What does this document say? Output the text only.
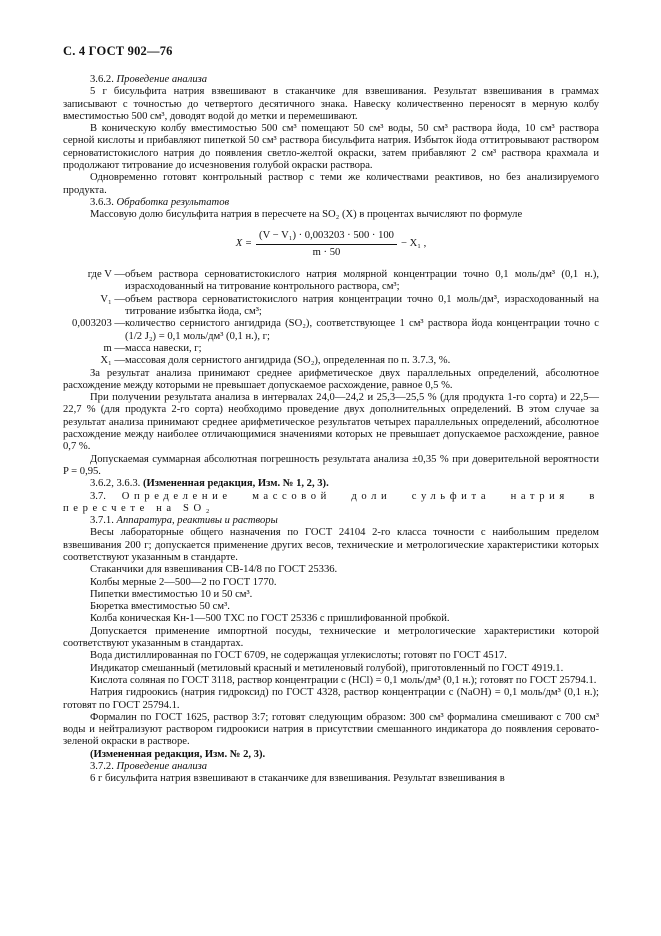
С. 4 ГОСТ 902—76

3.6.2. Проведение анализа

5 г бисульфита натрия взвешивают в стаканчике для взвешивания. Результат взвешивания в граммах записывают с точностью до четвертого десятичного знака. Навеску количественно переносят в мерную колбу вместимостью 500 см³, доводят водой до метки и перемешивают.

В коническую колбу вместимостью 500 см³ помещают 50 см³ воды, 50 см³ раствора йода, 10 см³ раствора серной кислоты и прибавляют пипеткой 50 см³ раствора бисульфита натрия. Избыток йода оттитровывают раствором серноватистокислого натрия до появления светло-желтой окраски, затем прибавляют 2 см³ раствора крахмала и продолжают титрование до исчезновения голубой окраски раствора.

Одновременно готовят контрольный раствор с теми же количествами реактивов, но без анализируемого продукта.

3.6.3. Обработка результатов

Массовую долю бисульфита натрия в пересчете на SO₂ (X) в процентах вычисляют по формуле

$X = \frac{\text{(V − V₁) · 0,003203 · 500 · 100}}{m \cdot 50} - X_1$ ,
где V — объем раствора серноватистокислого натрия молярной концентрации точно 0,1 моль/дм³ (0,1 н.), израсходованный на титрование контрольного раствора, см³;
V₁ — объем раствора серноватистокислого натрия концентрации точно 0,1 моль/дм³, израсходованный на титрование избытка йода, см³;
0,003203 — количество сернистого ангидрида (SO₂), соответствующее 1 см³ раствора йода концентрации точно с (1/2 J₂) = 0,1 моль/дм³ (0,1 н.), г;
m — масса навески, г;
X₁ — массовая доля сернистого ангидрида (SO₂), определенная по п. 3.7.3, %.

За результат анализа принимают среднее арифметическое двух параллельных определений, абсолютное расхождение между которыми не превышает допускаемое расхождение, равное 0,5 %.

При получении результата анализа в интервалах 24,0—24,2 и 25,3—25,5 % (для продукта 1-го сорта) и 22,5—22,7 % (для продукта 2-го сорта) необходимо проведение двух дополнительных определений. В этом случае за результат анализа принимают среднее арифметическое результатов четырех параллельных определений, абсолютное расхождение между наиболее отличающимися значениями которых не превышает допускаемое расхождение, равное 0,7 %.

Допускаемая суммарная абсолютная погрешность результата анализа ±0,35 % при доверительной вероятности P = 0,95.

3.6.2, 3.6.3. (Измененная редакция, Изм. № 1, 2, 3).

3.7. Определение массовой доли сульфита натрия в пересчете на SO₂

3.7.1. Аппаратура, реактивы и растворы

Весы лабораторные общего назначения по ГОСТ 24104 2-го класса точности с наибольшим пределом взвешивания 200 г; допускается применение других весов, технические и метрологические характеристики которых соответствуют указанным в стандарте.

Стаканчики для взвешивания СВ-14/8 по ГОСТ 25336.

Колбы мерные 2—500—2 по ГОСТ 1770.

Пипетки вместимостью 10 и 50 см³.

Бюретка вместимостью 50 см³.

Колба коническая Кн-1—500 ТХС по ГОСТ 25336 с пришлифованной пробкой.

Допускается применение импортной посуды, технические и метрологические характеристики которой соответствуют указанным в стандартах.

Вода дистиллированная по ГОСТ 6709, не содержащая углекислоты; готовят по ГОСТ 4517.

Индикатор смешанный (метиловый красный и метиленовый голубой), приготовленный по ГОСТ 4919.1.

Кислота соляная по ГОСТ 3118, раствор концентрации с (HCl) = 0,1 моль/дм³ (0,1 н.); готовят по ГОСТ 25794.1.

Натрия гидроокись (натрия гидроксид) по ГОСТ 4328, раствор концентрации с (NaOH) = 0,1 моль/дм³ (0,1 н.); готовят по ГОСТ 25794.1.

Формалин по ГОСТ 1625, раствор 3:7; готовят следующим образом: 300 см³ формалина смешивают с 700 см³ воды и нейтрализуют раствором гидроокиси натрия в присутствии смешанного индикатора до появления серовато-зеленой окраски в растворе.

(Измененная редакция, Изм. № 2, 3).

3.7.2. Проведение анализа

6 г бисульфита натрия взвешивают в стаканчике для взвешивания. Результат взвешивания в
